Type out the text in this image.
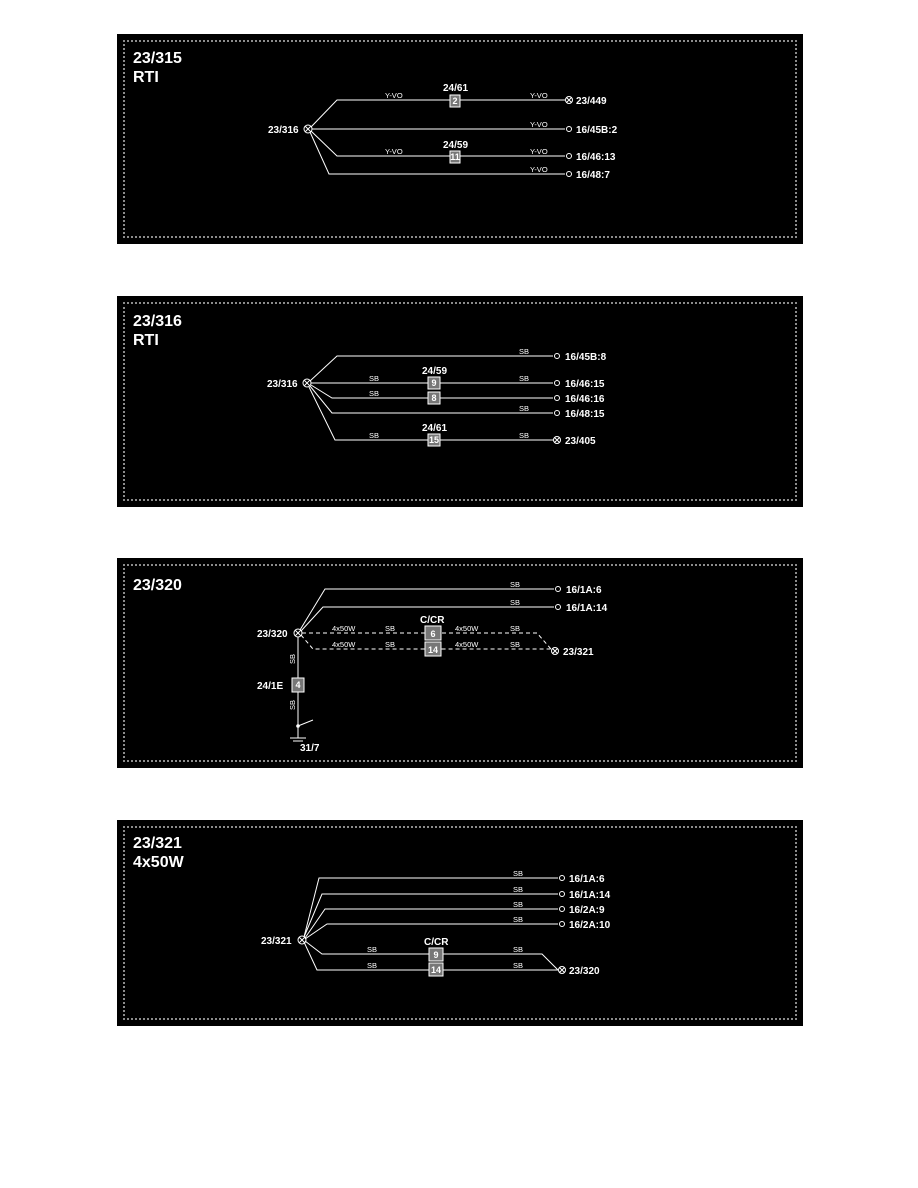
23/315
RTI
23/316
2
24/61
11
24/59
Y-VO	Y-VO
Y-VO
Y-VO	Y-VO
Y-VO
23/449
16/45B:2
16/46:13
16/48:7
23/316
RTI
23/316	9
8
24/59
15
24/61
SB
SB	SB
SB
SB
SB	SB
16/45B:8
16/46:15
16/46:16
16/48:15
23/405
23/320
23/320
4
24/1E
SB
SB
31/7
6
14
C/CR
SB
SB
4x50W	SB	4x50W	SB
4x50W	SB	4x50W	SB
16/1A:6
16/1A:14
23/321
23/321
4x50W
23/321
9
14
C/CR
SB
SB
SB
SB
SB	SB
SB	SB
16/1A:6
16/1A:14
16/2A:9
16/2A:10
23/320
